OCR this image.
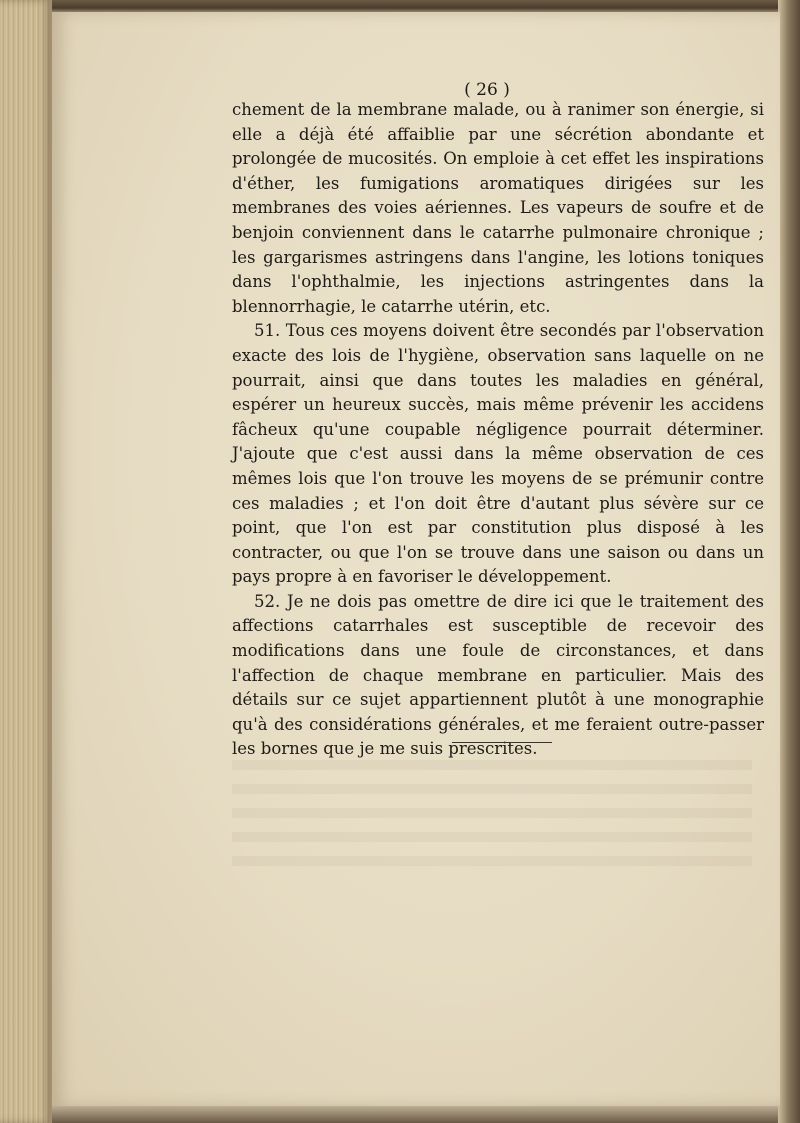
( 26 )

chement de la membrane malade, ou à ranimer son énergie, si elle a déjà été affaiblie par une sécrétion abondante et prolongée de mucosités. On emploie à cet effet les inspirations d'éther, les fumigations aromatiques dirigées sur les membranes des voies aériennes. Les vapeurs de soufre et de benjoin conviennent dans le catarrhe pulmonaire chronique ; les gargarismes astringens dans l'angine, les lotions toniques dans l'ophthalmie, les injections astringentes dans la blennorrhagie, le catarrhe utérin, etc.

51. Tous ces moyens doivent être secondés par l'observation exacte des lois de l'hygiène, observation sans laquelle on ne pourrait, ainsi que dans toutes les maladies en général, espérer un heureux succès, mais même prévenir les accidens fâcheux qu'une coupable négligence pourrait déterminer. J'ajoute que c'est aussi dans la même observation de ces mêmes lois que l'on trouve les moyens de se prémunir contre ces maladies ; et l'on doit être d'autant plus sévère sur ce point, que l'on est par constitution plus disposé à les contracter, ou que l'on se trouve dans une saison ou dans un pays propre à en favoriser le développement.

52. Je ne dois pas omettre de dire ici que le traitement des affections catarrhales est susceptible de recevoir des modifications dans une foule de circonstances, et dans l'affection de chaque membrane en particulier. Mais des détails sur ce sujet appartiennent plutôt à une monographie qu'à des considérations générales, et me feraient outre-passer les bornes que je me suis prescrites.
